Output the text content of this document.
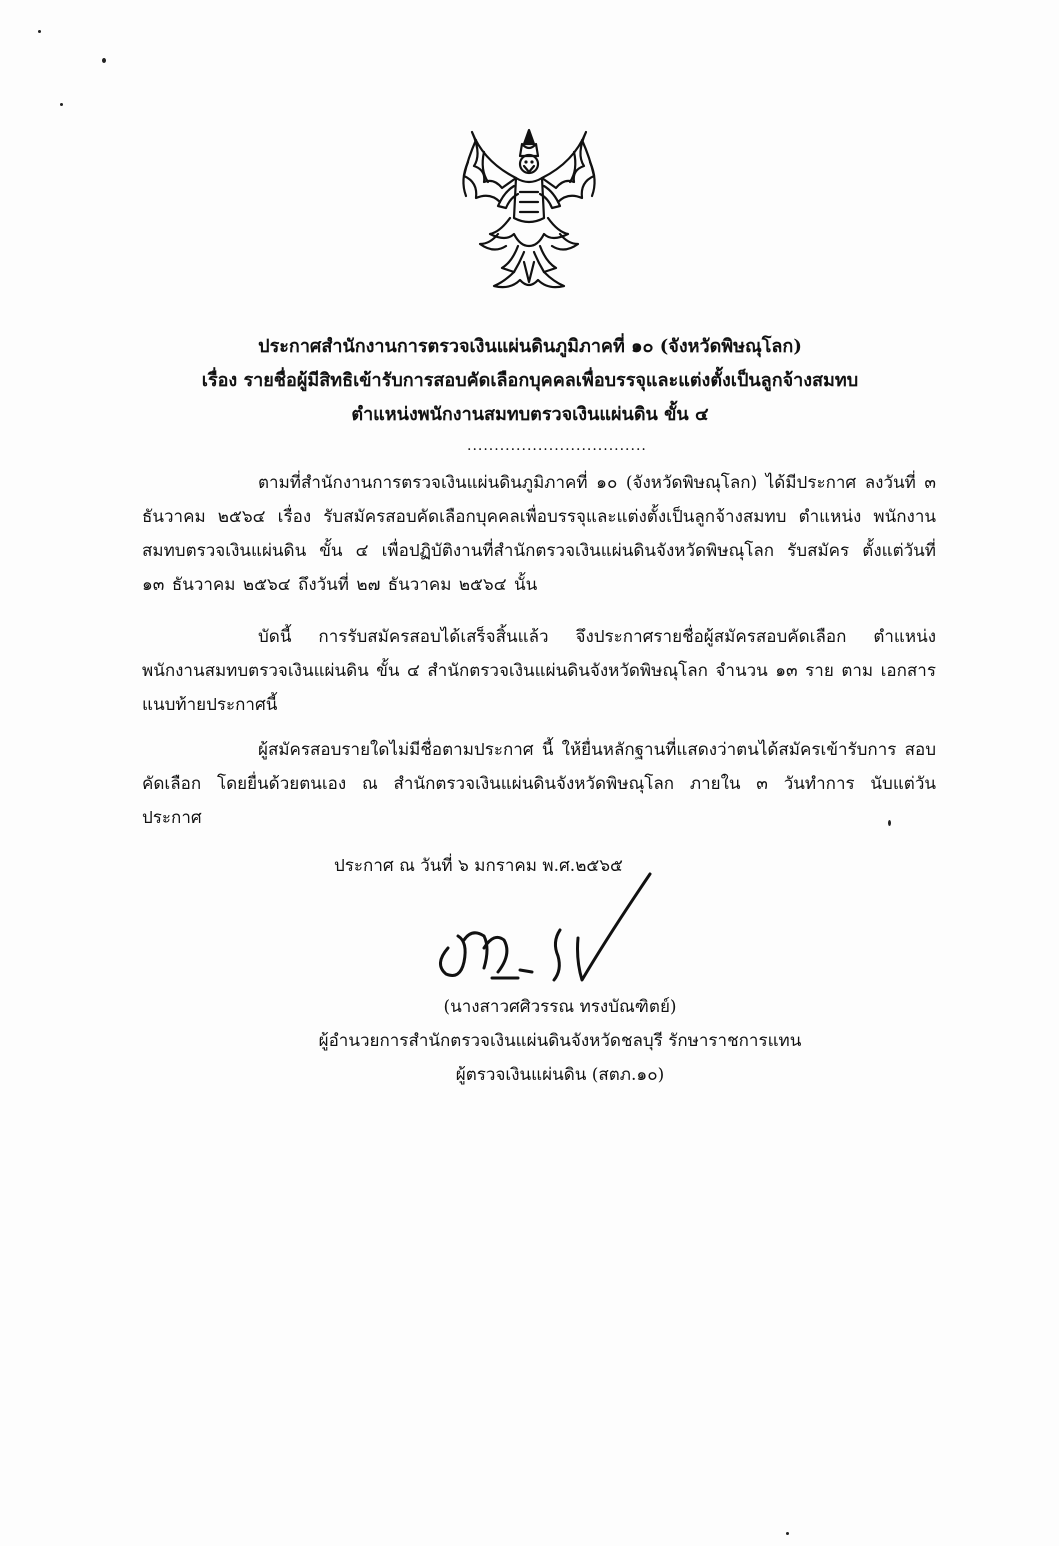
ประกาศสำนักงานการตรวจเงินแผ่นดินภูมิภาคที่ ๑๐ (จังหวัดพิษณุโลก)
เรื่อง รายชื่อผู้มีสิทธิเข้ารับการสอบคัดเลือกบุคคลเพื่อบรรจุและแต่งตั้งเป็นลูกจ้างสมทบ
ตำแหน่งพนักงานสมทบตรวจเงินแผ่นดิน ขั้น ๔
.................................

ตามที่สำนักงานการตรวจเงินแผ่นดินภูมิภาคที่ ๑๐ (จังหวัดพิษณุโลก) ได้มีประกาศ ลงวันที่ ๓ ธันวาคม ๒๕๖๔ เรื่อง รับสมัครสอบคัดเลือกบุคคลเพื่อบรรจุและแต่งตั้งเป็นลูกจ้างสมทบ ตำแหน่ง พนักงานสมทบตรวจเงินแผ่นดิน ขั้น ๔ เพื่อปฏิบัติงานที่สำนักตรวจเงินแผ่นดินจังหวัดพิษณุโลก รับสมัคร ตั้งแต่วันที่ ๑๓ ธันวาคม ๒๕๖๔ ถึงวันที่ ๒๗ ธันวาคม ๒๕๖๔ นั้น

บัดนี้ การรับสมัครสอบได้เสร็จสิ้นแล้ว จึงประกาศรายชื่อผู้สมัครสอบคัดเลือก ตำแหน่ง พนักงานสมทบตรวจเงินแผ่นดิน ขั้น ๔ สำนักตรวจเงินแผ่นดินจังหวัดพิษณุโลก จำนวน ๑๓ ราย ตาม เอกสารแนบท้ายประกาศนี้

ผู้สมัครสอบรายใดไม่มีชื่อตามประกาศ นี้ ให้ยื่นหลักฐานที่แสดงว่าตนได้สมัครเข้ารับการ สอบคัดเลือก โดยยื่นด้วยตนเอง ณ สำนักตรวจเงินแผ่นดินจังหวัดพิษณุโลก ภายใน ๓ วันทำการ นับแต่วัน ประกาศ

ประกาศ ณ วันที่ ๖ มกราคม พ.ศ.๒๕๖๕
(นางสาวศศิวรรณ ทรงบัณฑิตย์)
ผู้อำนวยการสำนักตรวจเงินแผ่นดินจังหวัดชลบุรี รักษาราชการแทน
ผู้ตรวจเงินแผ่นดิน (สตภ.๑๐)
